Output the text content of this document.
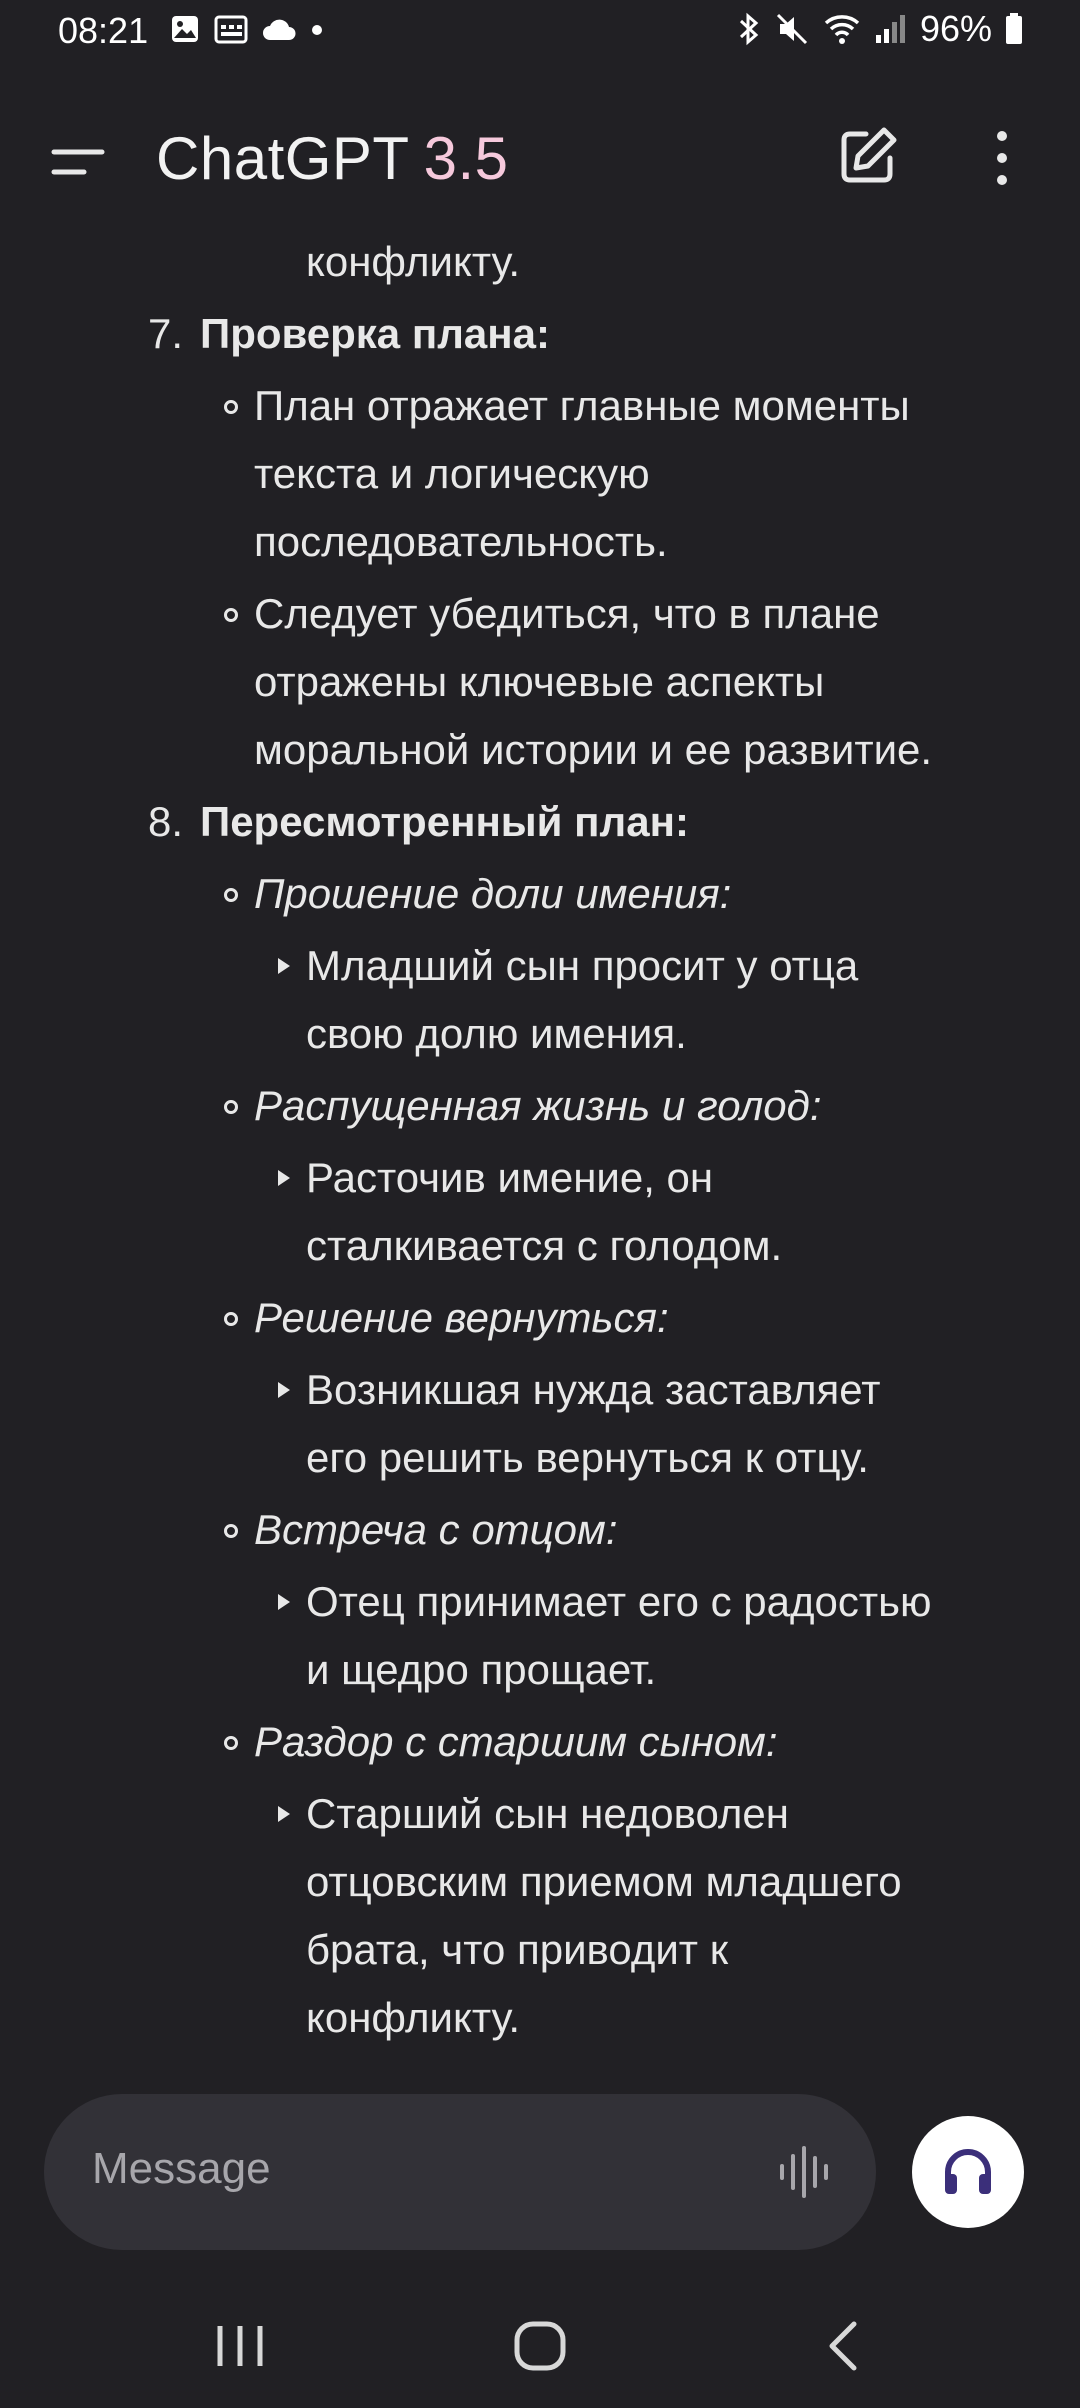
08:21	96%
ChatGPT 3.5
конфликту.
7. Проверка плана:
План отражает главные моменты
текста и логическую
последовательность.
Следует убедиться, что в плане
отражены ключевые аспекты
моральной истории и ее развитие.
8. Пересмотренный план:
Прошение доли имения:
Младший сын просит у отца
свою долю имения.
Распущенная жизнь и голод:
Расточив имение, он
сталкивается с голодом.
Решение вернуться:
Возникшая нужда заставляет
его решить вернуться к отцу.
Встреча с отцом:
Отец принимает его с радостью
и щедро прощает.
Раздор с старшим сыном:
Старший сын недоволен
отцовским приемом младшего
брата, что приводит к
конфликту.
Message
